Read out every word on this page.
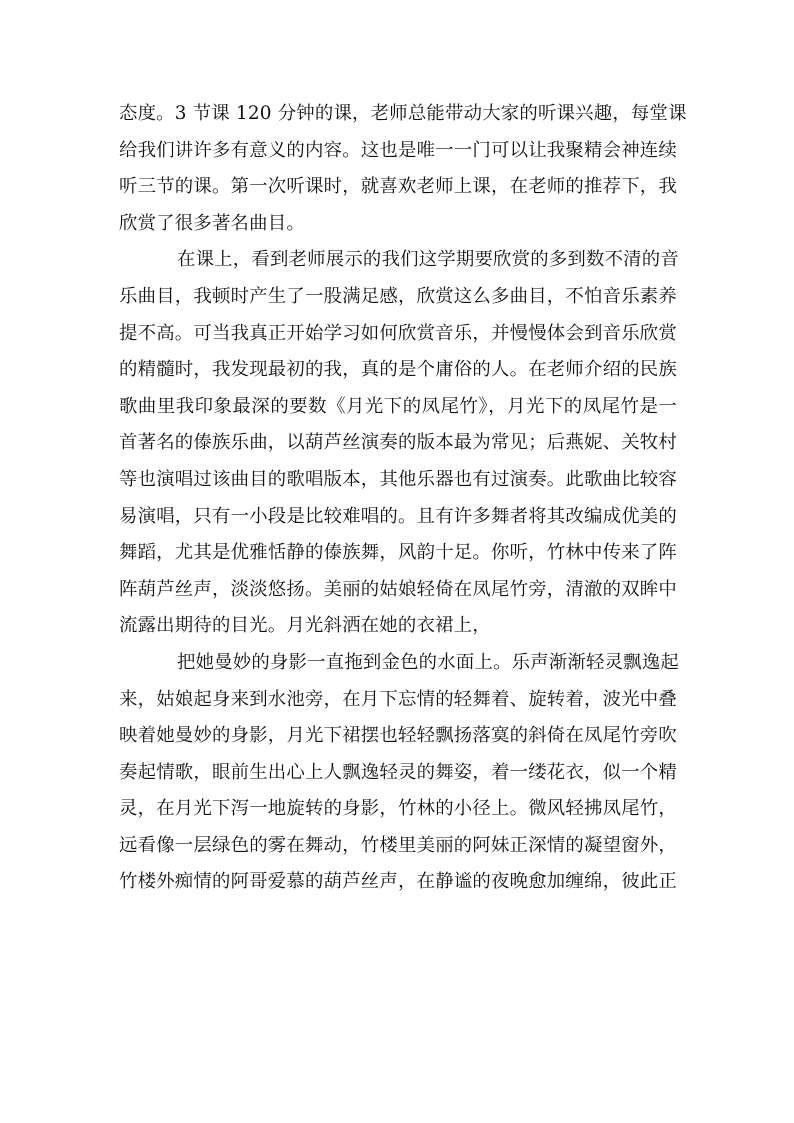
态度。3 节课 120 分钟的课，老师总能带动大家的听课兴趣，每堂课
给我们讲许多有意义的内容。这也是唯一一门可以让我聚精会神连续
听三节的课。第一次听课时，就喜欢老师上课，在老师的推荐下，我
欣赏了很多著名曲目。

在课上，看到老师展示的我们这学期要欣赏的多到数不清的音
乐曲目，我顿时产生了一股满足感，欣赏这么多曲目，不怕音乐素养
提不高。可当我真正开始学习如何欣赏音乐，并慢慢体会到音乐欣赏
的精髓时，我发现最初的我，真的是个庸俗的人。在老师介绍的民族
歌曲里我印象最深的要数《月光下的凤尾竹》，月光下的凤尾竹是一
首著名的傣族乐曲，以葫芦丝演奏的版本最为常见；后燕妮、关牧村
等也演唱过该曲目的歌唱版本，其他乐器也有过演奏。此歌曲比较容
易演唱，只有一小段是比较难唱的。且有许多舞者将其改编成优美的
舞蹈，尤其是优雅恬静的傣族舞，风韵十足。你听，竹林中传来了阵
阵葫芦丝声，淡淡悠扬。美丽的姑娘轻倚在凤尾竹旁，清澈的双眸中
流露出期待的目光。月光斜洒在她的衣裙上，

把她曼妙的身影一直拖到金色的水面上。乐声渐渐轻灵飘逸起
来，姑娘起身来到水池旁，在月下忘情的轻舞着、旋转着，波光中叠
映着她曼妙的身影，月光下裙摆也轻轻飘扬落寞的斜倚在凤尾竹旁吹
奏起情歌，眼前生出心上人飘逸轻灵的舞姿，着一缕花衣，似一个精
灵，在月光下泻一地旋转的身影，竹林的小径上。微风轻拂凤尾竹，
远看像一层绿色的雾在舞动，竹楼里美丽的阿妹正深情的凝望窗外，
竹楼外痴情的阿哥爱慕的葫芦丝声，在静谧的夜晚愈加缠绵，彼此正
